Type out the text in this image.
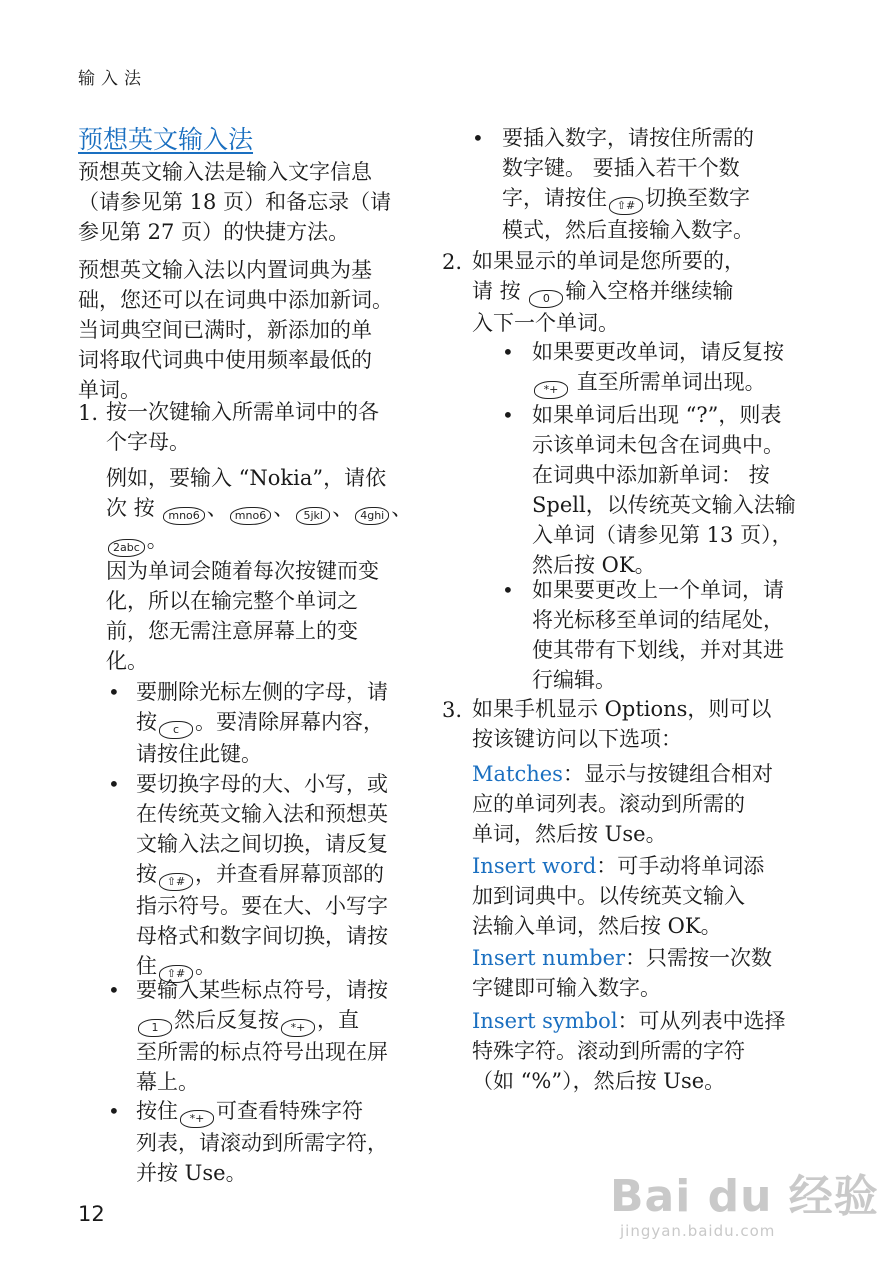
输入法
预想英文输入法
预想英文输入法是输入文字信息
（请参见第 18 页）和备忘录（请
参见第 27 页）的快捷方法。
预想英文输入法以内置词典为基
础，您还可以在词典中添加新词。
当词典空间已满时，新添加的单
词将取代词典中使用频率最低的
单词。
1. 按一次键输入所需单词中的各
个字母。
例如，要输入 “Nokia”，请依
次 按 mno6 、 mno6 、 5jkl 、 4ghi 、
2abc 。
因为单词会随着每次按键而变
化，所以在输完整个单词之
前，您无需注意屏幕上的变
化。
• 要删除光标左侧的字母，请
按 c 。要清除屏幕内容，
请按住此键。
• 要切换字母的大、小写，或
在传统英文输入法和预想英
文输入法之间切换，请反复
按 ⇧# ，并查看屏幕顶部的
指示符号。要在大、小写字
母格式和数字间切换，请按
住 ⇧# 。
• 要输入某些标点符号，请按
1 然后反复按 *+ ，直
至所需的标点符号出现在屏
幕上。
• 按住 *+ 可查看特殊字符
列表，请滚动到所需字符，
并按 Use。
• 要插入数字，请按住所需的
数字键。 要插入若干个数
字，请按住 ⇧# 切换至数字
模式，然后直接输入数字。
2. 如果显示的单词是您所要的，
请 按 0 输入空格并继续输
入下一个单词。
• 如果要更改单词，请反复按
*+ 直至所需单词出现。
• 如果单词后出现 “?”，则表
示该单词未包含在词典中。
在词典中添加新单词： 按
Spell，以传统英文输入法输
入单词（请参见第 13 页），
然后按 OK。
• 如果要更改上一个单词，请
将光标移至单词的结尾处，
使其带有下划线，并对其进
行编辑。
3. 如果手机显示 Options，则可以
按该键访问以下选项：
Matches：显示与按键组合相对
应的单词列表。滚动到所需的
单词，然后按 Use。
Insert word：可手动将单词添
加到词典中。以传统英文输入
法输入单词，然后按 OK。
Insert number：只需按一次数
字键即可输入数字。
Insert symbol：可从列表中选择
特殊字符。滚动到所需的字符
（如 “%”），然后按 Use。
12	Bai du 经验
jingyan.baidu.com
